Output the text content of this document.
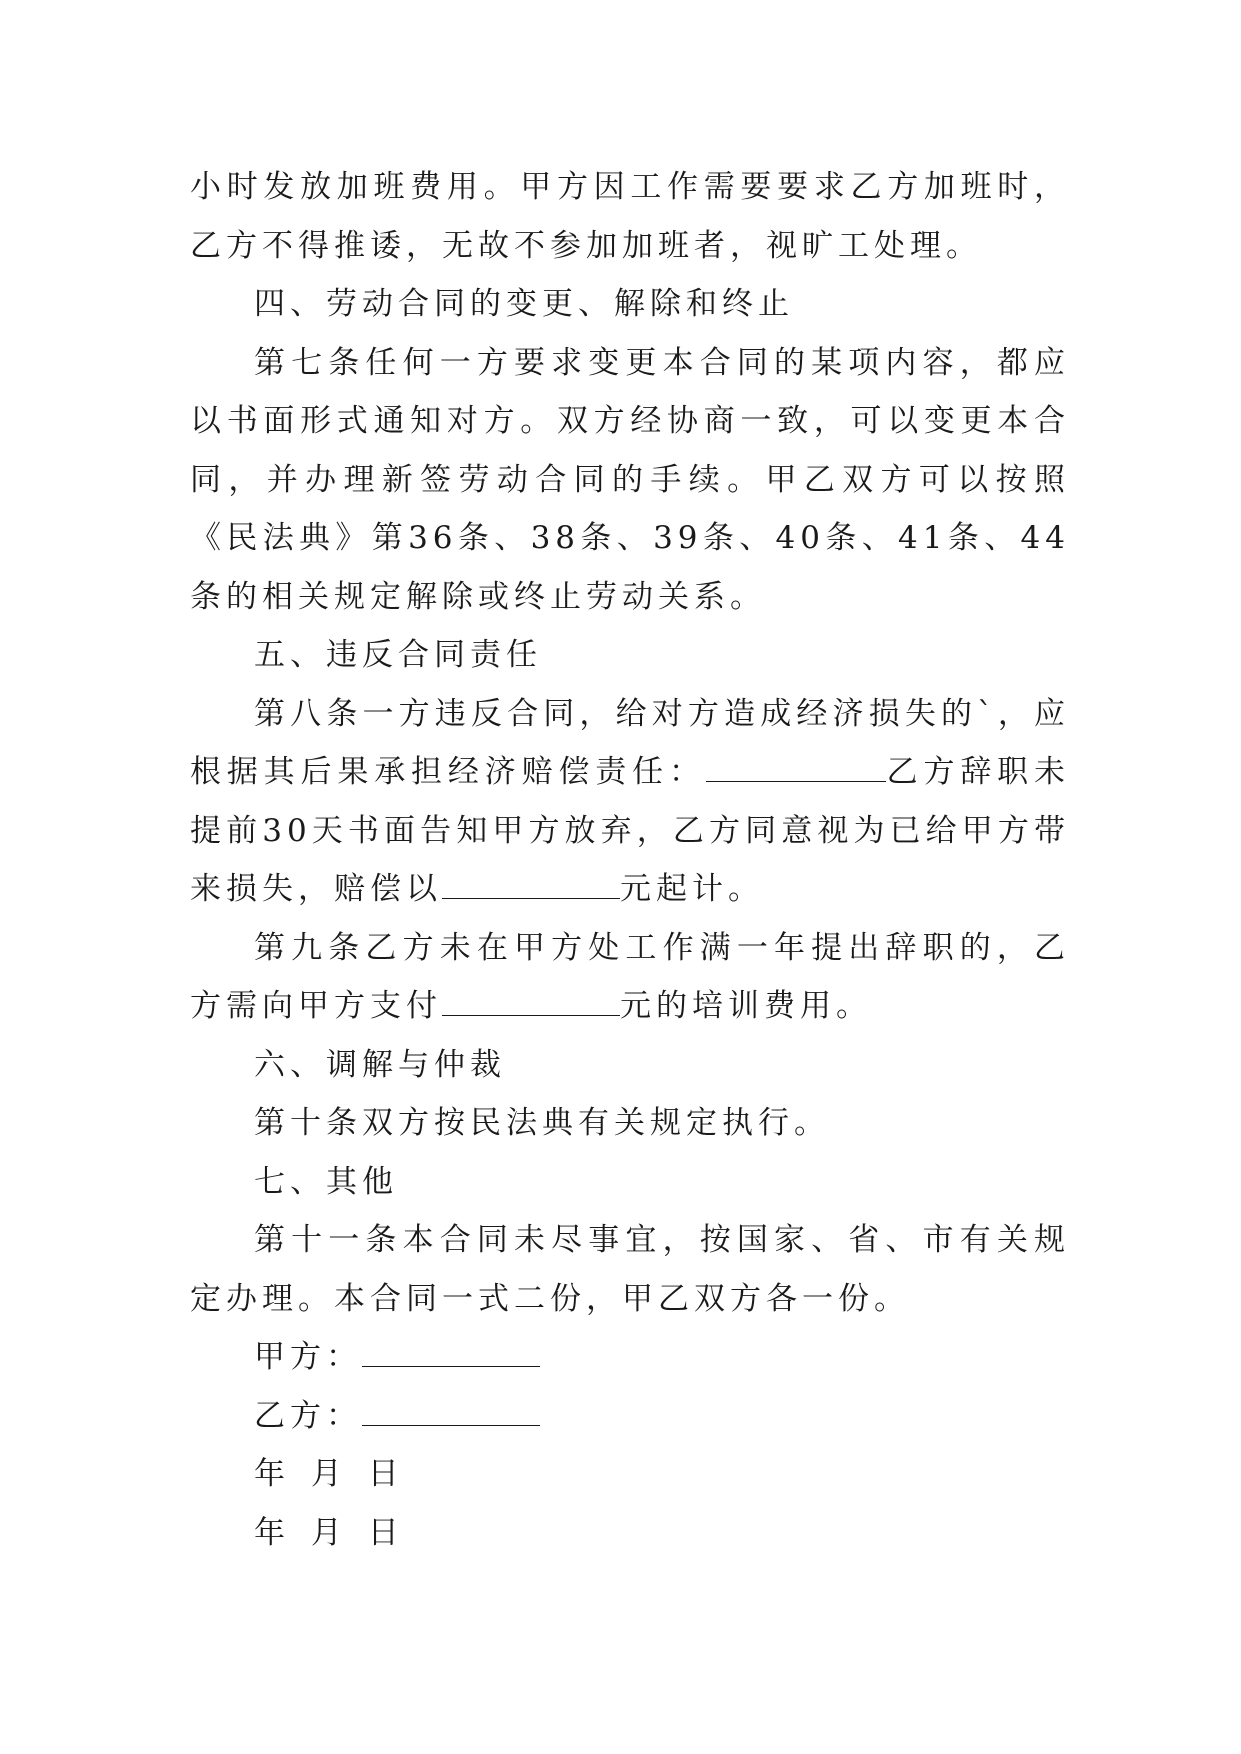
小时发放加班费用。甲方因工作需要要求乙方加班时，乙方不得推诿，无故不参加加班者，视旷工处理。

四、劳动合同的变更、解除和终止

第七条任何一方要求变更本合同的某项内容，都应以书面形式通知对方。双方经协商一致，可以变更本合同，并办理新签劳动合同的手续。甲乙双方可以按照《民法典》第36条、38条、39条、40条、41条、44条的相关规定解除或终止劳动关系。

五、违反合同责任

第八条一方违反合同，给对方造成经济损失的`，应根据其后果承担经济赔偿责任：	乙方辞职未提前30天书面告知甲方放弃，乙方同意视为已给甲方带来损失，赔偿以	元起计。

第九条乙方未在甲方处工作满一年提出辞职的，乙方需向甲方支付	元的培训费用。

六、调解与仲裁

第十条双方按民法典有关规定执行。

七、其他

第十一条本合同未尽事宜，按国家、省、市有关规定办理。本合同一式二份，甲乙双方各一份。

甲方：

乙方：

年 月 日

年 月 日
